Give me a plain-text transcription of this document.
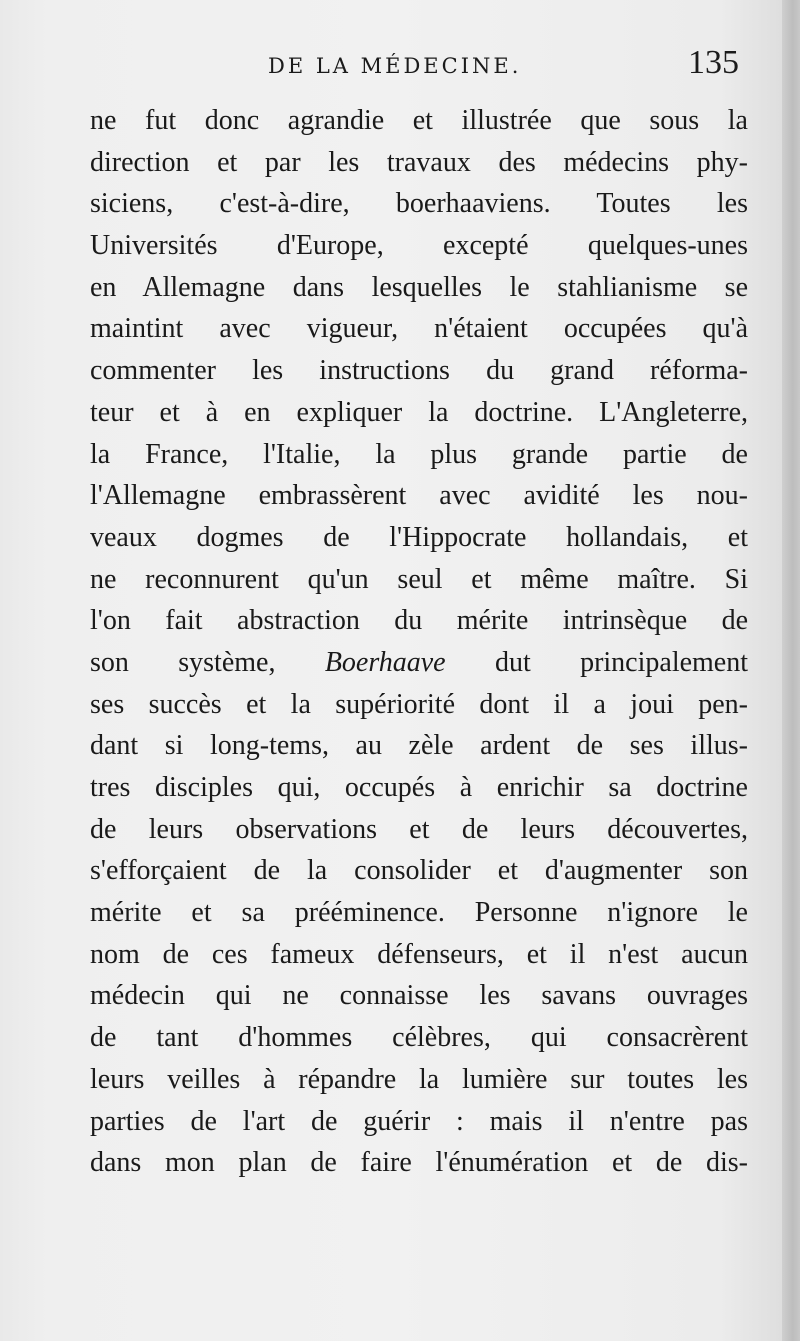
DE LA MÉDECINE.	135
ne fut donc agrandie et illustrée que sous la
direction et par les travaux des médecins phy-
siciens, c'est-à-dire, boerhaaviens. Toutes les
Universités d'Europe, excepté quelques-unes
en Allemagne dans lesquelles le stahlianisme se
maintint avec vigueur, n'étaient occupées qu'à
commenter les instructions du grand réforma-
teur et à en expliquer la doctrine. L'Angleterre,
la France, l'Italie, la plus grande partie de
l'Allemagne embrassèrent avec avidité les nou-
veaux dogmes de l'Hippocrate hollandais, et
ne reconnurent qu'un seul et même maître. Si
l'on fait abstraction du mérite intrinsèque de
son système, Boerhaave dut principalement
ses succès et la supériorité dont il a joui pen-
dant si long-tems, au zèle ardent de ses illus-
tres disciples qui, occupés à enrichir sa doctrine
de leurs observations et de leurs découvertes,
s'efforçaient de la consolider et d'augmenter son
mérite et sa prééminence. Personne n'ignore le
nom de ces fameux défenseurs, et il n'est aucun
médecin qui ne connaisse les savans ouvrages
de tant d'hommes célèbres, qui consacrèrent
leurs veilles à répandre la lumière sur toutes les
parties de l'art de guérir : mais il n'entre pas
dans mon plan de faire l'énumération et de dis-
